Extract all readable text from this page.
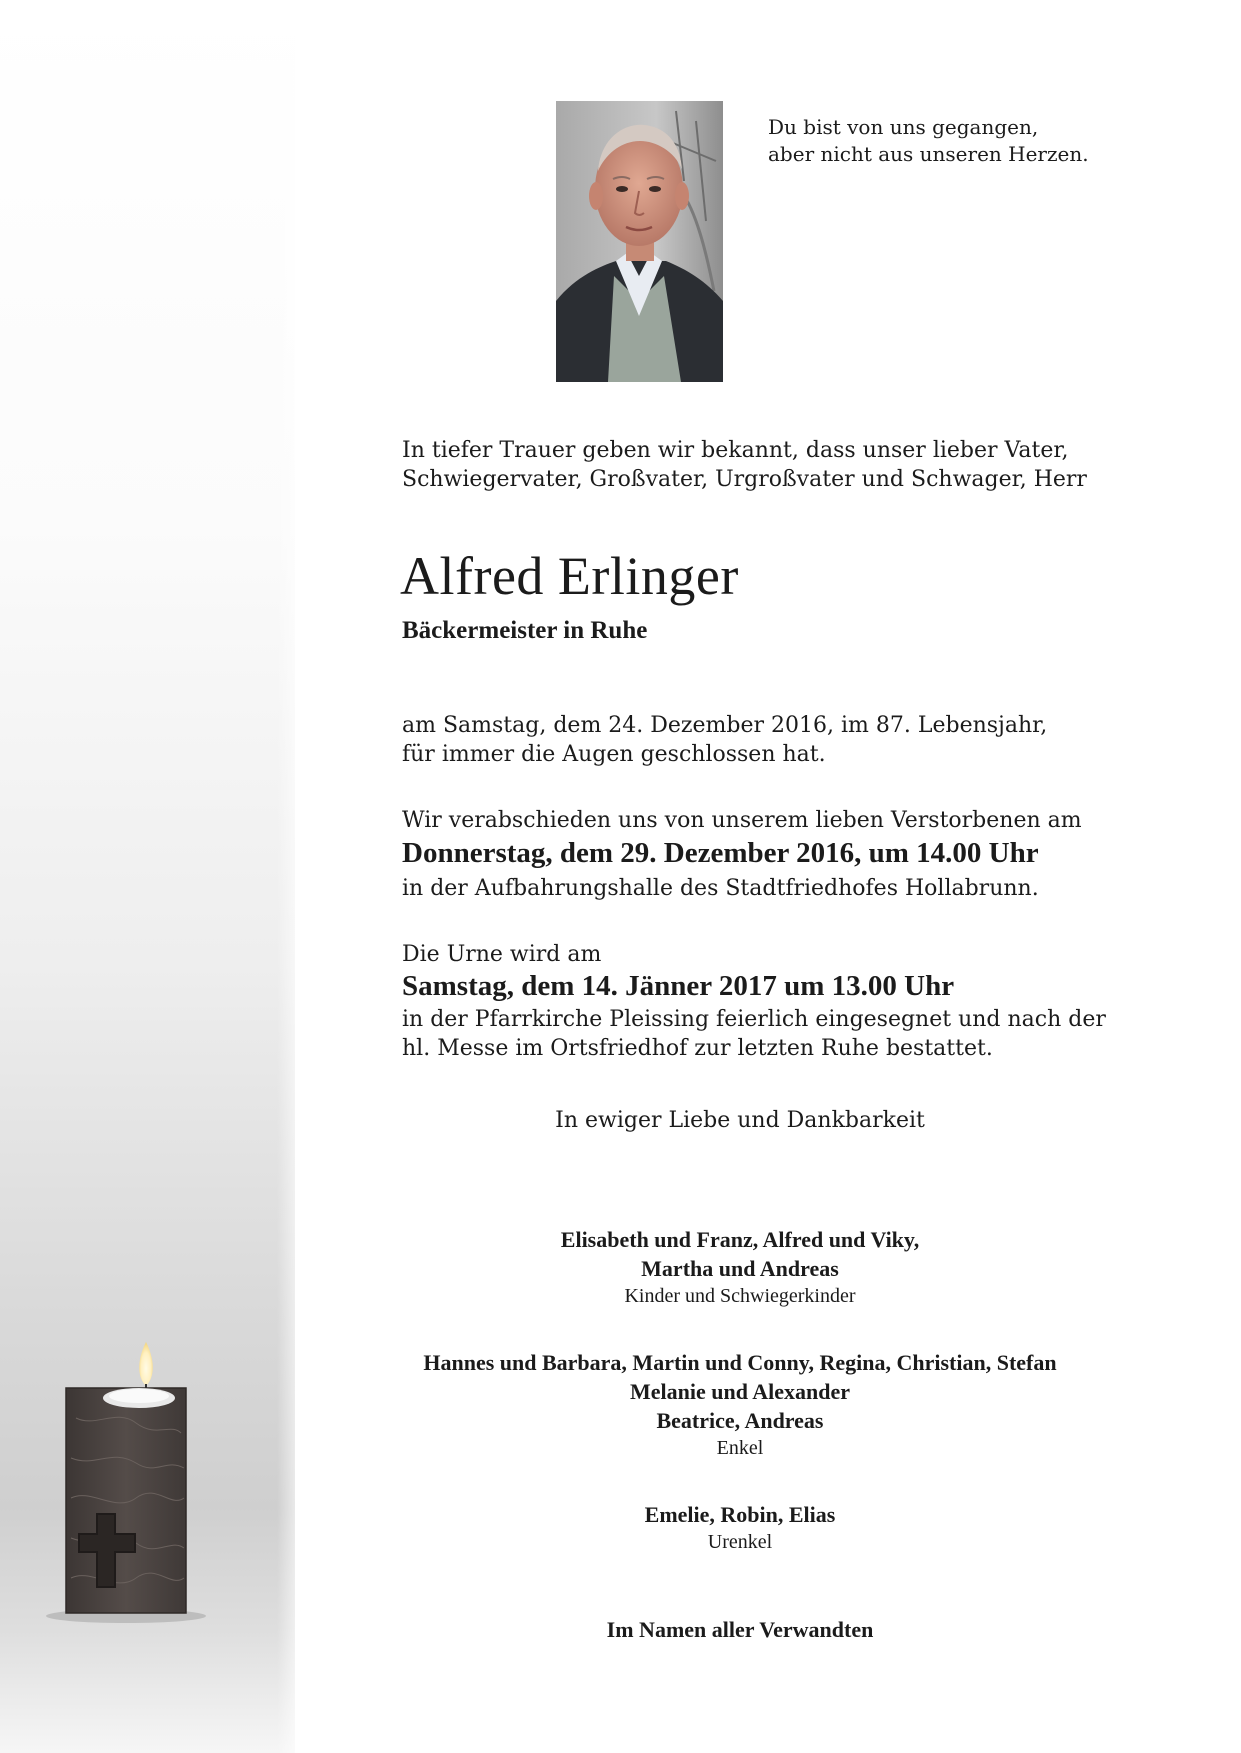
Du bist von uns gegangen,
aber nicht aus unseren Herzen.

In tiefer Trauer geben wir bekannt, dass unser lieber Vater,
Schwiegervater, Großvater, Urgroßvater und Schwager, Herr

Alfred Erlinger

Bäckermeister in Ruhe

am Samstag, dem 24. Dezember 2016, im 87. Lebensjahr,
für immer die Augen geschlossen hat.

Wir verabschieden uns von unserem lieben Verstorbenen am

Donnerstag, dem 29. Dezember 2016, um 14.00 Uhr

in der Aufbahrungshalle des Stadtfriedhofes Hollabrunn.

Die Urne wird am

Samstag, dem 14. Jänner 2017 um 13.00 Uhr

in der Pfarrkirche Pleissing feierlich eingesegnet und nach der
hl. Messe im Ortsfriedhof zur letzten Ruhe bestattet.

In ewiger Liebe und Dankbarkeit

Elisabeth und Franz, Alfred und Viky,
Martha und Andreas
Kinder und Schwiegerkinder
Hannes und Barbara, Martin und Conny, Regina, Christian, Stefan
Melanie und Alexander
Beatrice, Andreas
Enkel
Emelie, Robin, Elias
Urenkel

Im Namen aller Verwandten
